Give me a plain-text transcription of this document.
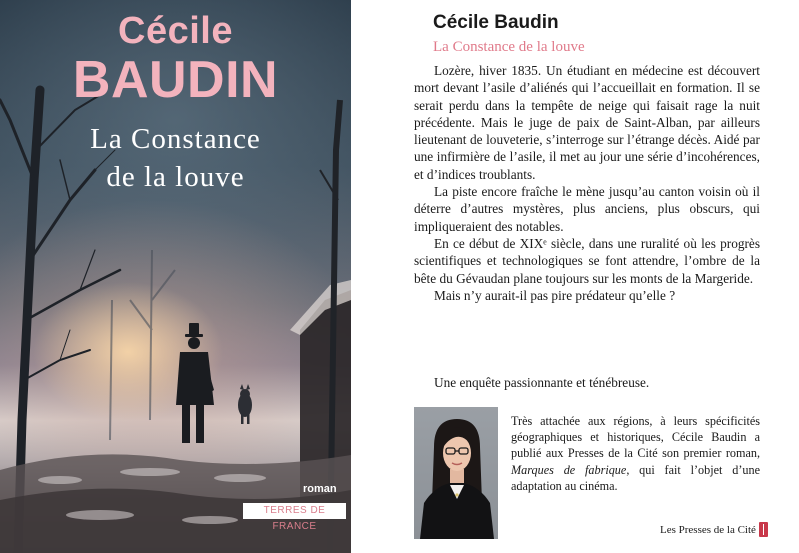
Cécile
BAUDIN
La Constance
de la louve
roman
TERRES DE FRANCE
Cécile Baudin
La Constance de la louve

Lozère, hiver 1835. Un étudiant en médecine est découvert mort devant l’asile d’aliénés qui l’accueillait en formation. Il se serait perdu dans la tempête de neige qui faisait rage la nuit précédente. Mais le juge de paix de Saint-Alban, par ailleurs lieutenant de louveterie, s’interroge sur l’étrange décès. Aidé par une infirmière de l’asile, il met au jour une série d’incohérences, et d’indices troublants.

La piste encore fraîche le mène jusqu’au canton voisin où il déterre d’autres mystères, plus anciens, plus obscurs, qui impliqueraient des notables.

En ce début de XIXᵉ siècle, dans une ruralité où les progrès scientifiques et technologiques se font attendre, l’ombre de la bête du Gévaudan plane toujours sur les monts de la Margeride.

Mais n’y aurait-il pas pire prédateur qu’elle ?

Une enquête passionnante et ténébreuse.
Très attachée aux régions, à leurs spécificités géographiques et historiques, Cécile Baudin a publié aux Presses de la Cité son premier roman, Marques de fabrique, qui fait l’objet d’une adaptation au cinéma.
Les Presses de la Cité
